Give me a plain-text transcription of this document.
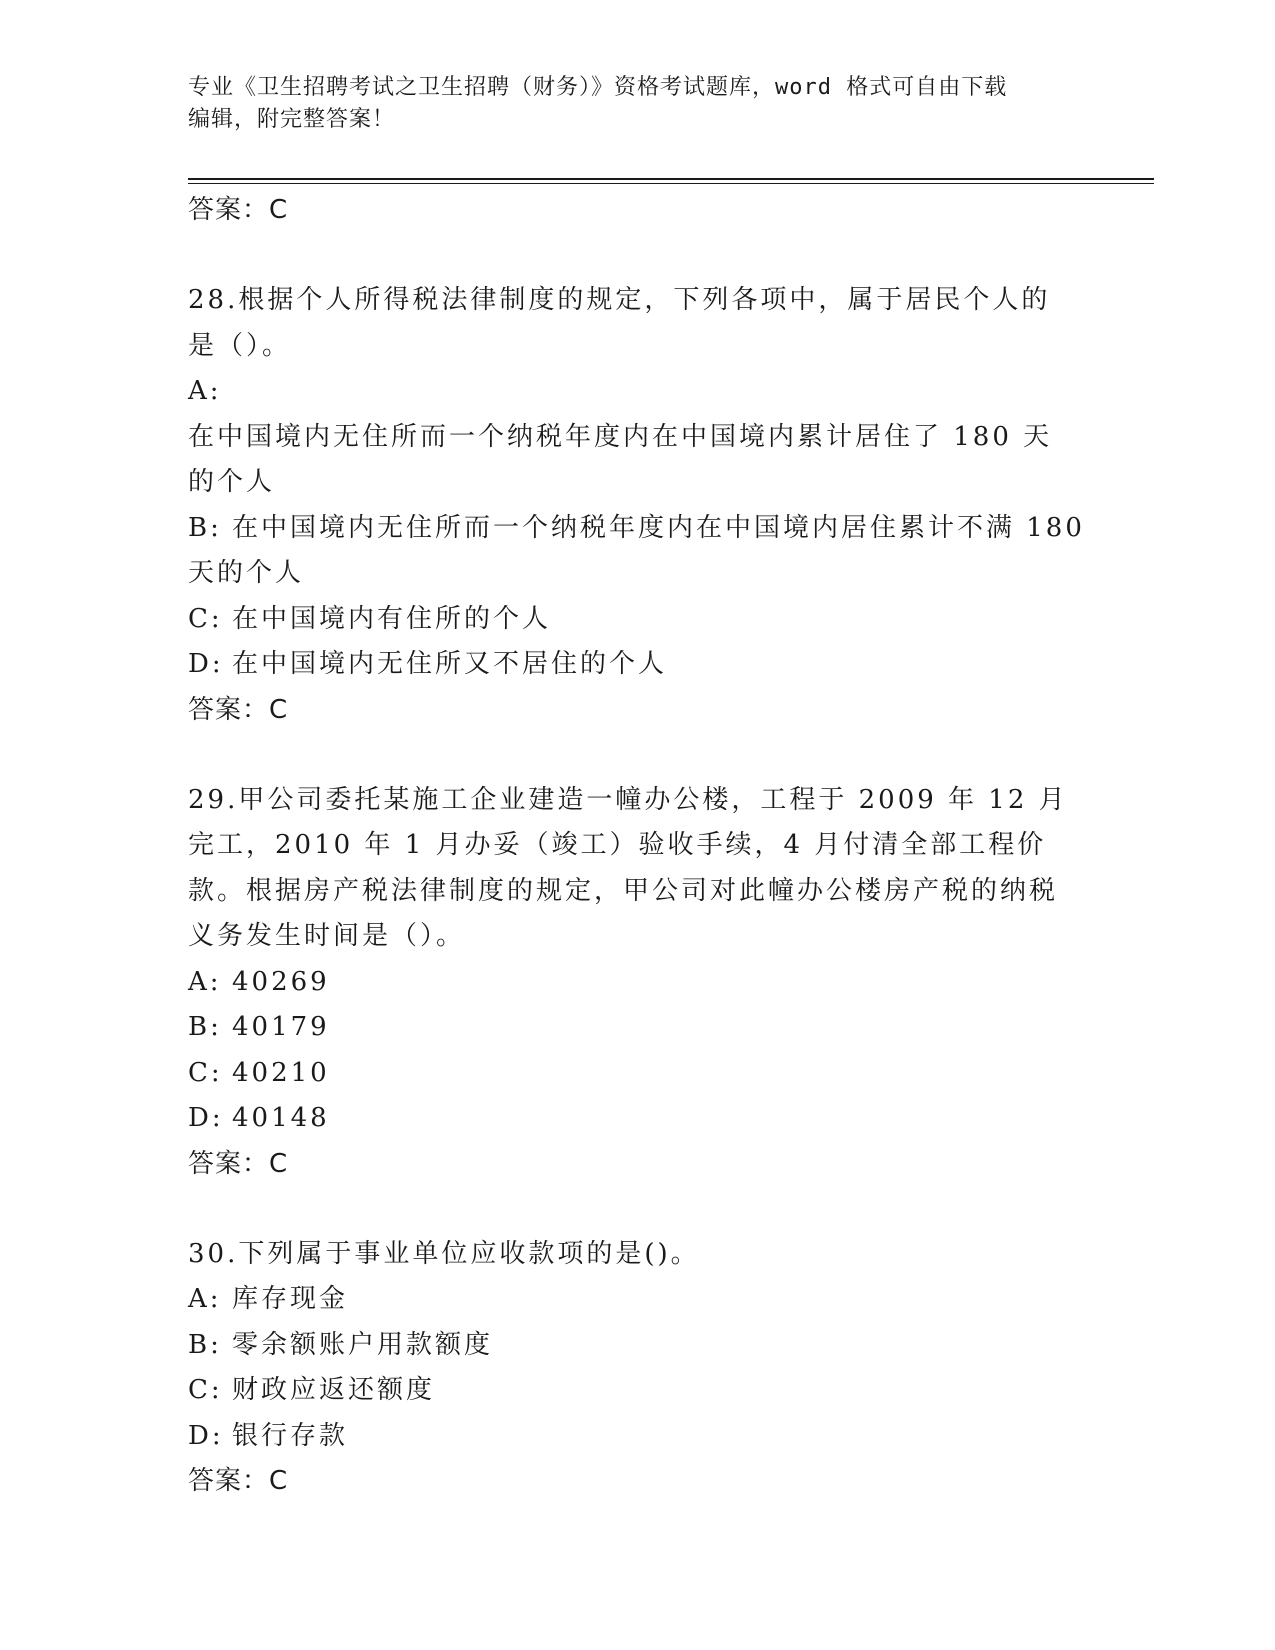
专业《卫生招聘考试之卫生招聘（财务）》资格考试题库，word 格式可自由下载
编辑，附完整答案！
答案：C
28.根据个人所得税法律制度的规定，下列各项中，属于居民个人的是（）。
A:在中国境内无住所而一个纳税年度内在中国境内累计居住了 180 天
的个人
B: 在中国境内无住所而一个纳税年度内在中国境内居住累计不满 180
天的个人
C: 在中国境内有住所的个人
D: 在中国境内无住所又不居住的个人
答案：C
29.甲公司委托某施工企业建造一幢办公楼，工程于 2009 年 12 月完工，2010 年 1 月办妥（竣工）验收手续，4 月付清全部工程价款。根据房产税法律制度的规定，甲公司对此幢办公楼房产税的纳税义务发生时间是（）。
A: 40269
B: 40179
C: 40210
D: 40148
答案：C
30.下列属于事业单位应收款项的是()。
A: 库存现金
B: 零余额账户用款额度
C: 财政应返还额度
D: 银行存款
答案：C
